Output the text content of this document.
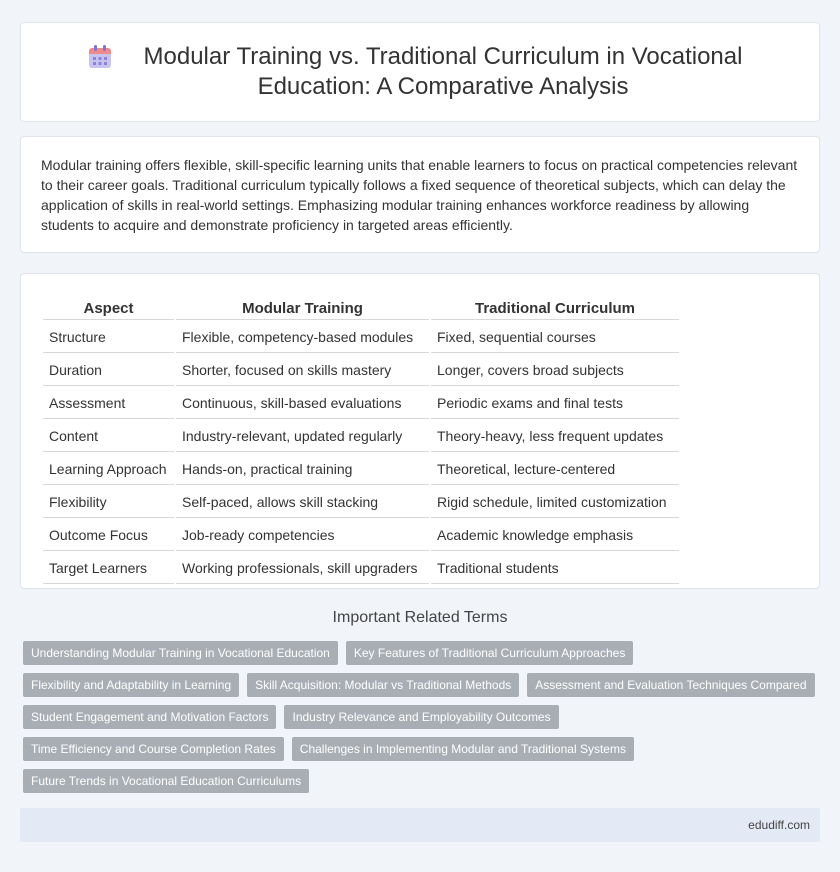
Modular Training vs. Traditional Curriculum in Vocational Education: A Comparative Analysis

Modular training offers flexible, skill-specific learning units that enable learners to focus on practical competencies relevant to their career goals. Traditional curriculum typically follows a fixed sequence of theoretical subjects, which can delay the application of skills in real-world settings. Emphasizing modular training enhances workforce readiness by allowing students to acquire and demonstrate proficiency in targeted areas efficiently.

Aspect	Modular Training	Traditional Curriculum
Structure	Flexible, competency-based modules	Fixed, sequential courses
Duration	Shorter, focused on skills mastery	Longer, covers broad subjects
Assessment	Continuous, skill-based evaluations	Periodic exams and final tests
Content	Industry-relevant, updated regularly	Theory-heavy, less frequent updates
Learning Approach	Hands-on, practical training	Theoretical, lecture-centered
Flexibility	Self-paced, allows skill stacking	Rigid schedule, limited customization
Outcome Focus	Job-ready competencies	Academic knowledge emphasis
Target Learners	Working professionals, skill upgraders	Traditional students
Important Related Terms
Understanding Modular Training in Vocational Education	Key Features of Traditional Curriculum Approaches
Flexibility and Adaptability in Learning	Skill Acquisition: Modular vs Traditional Methods	Assessment and Evaluation Techniques Compared
Student Engagement and Motivation Factors	Industry Relevance and Employability Outcomes
Time Efficiency and Course Completion Rates	Challenges in Implementing Modular and Traditional Systems
Future Trends in Vocational Education Curriculums
edudiff.com
